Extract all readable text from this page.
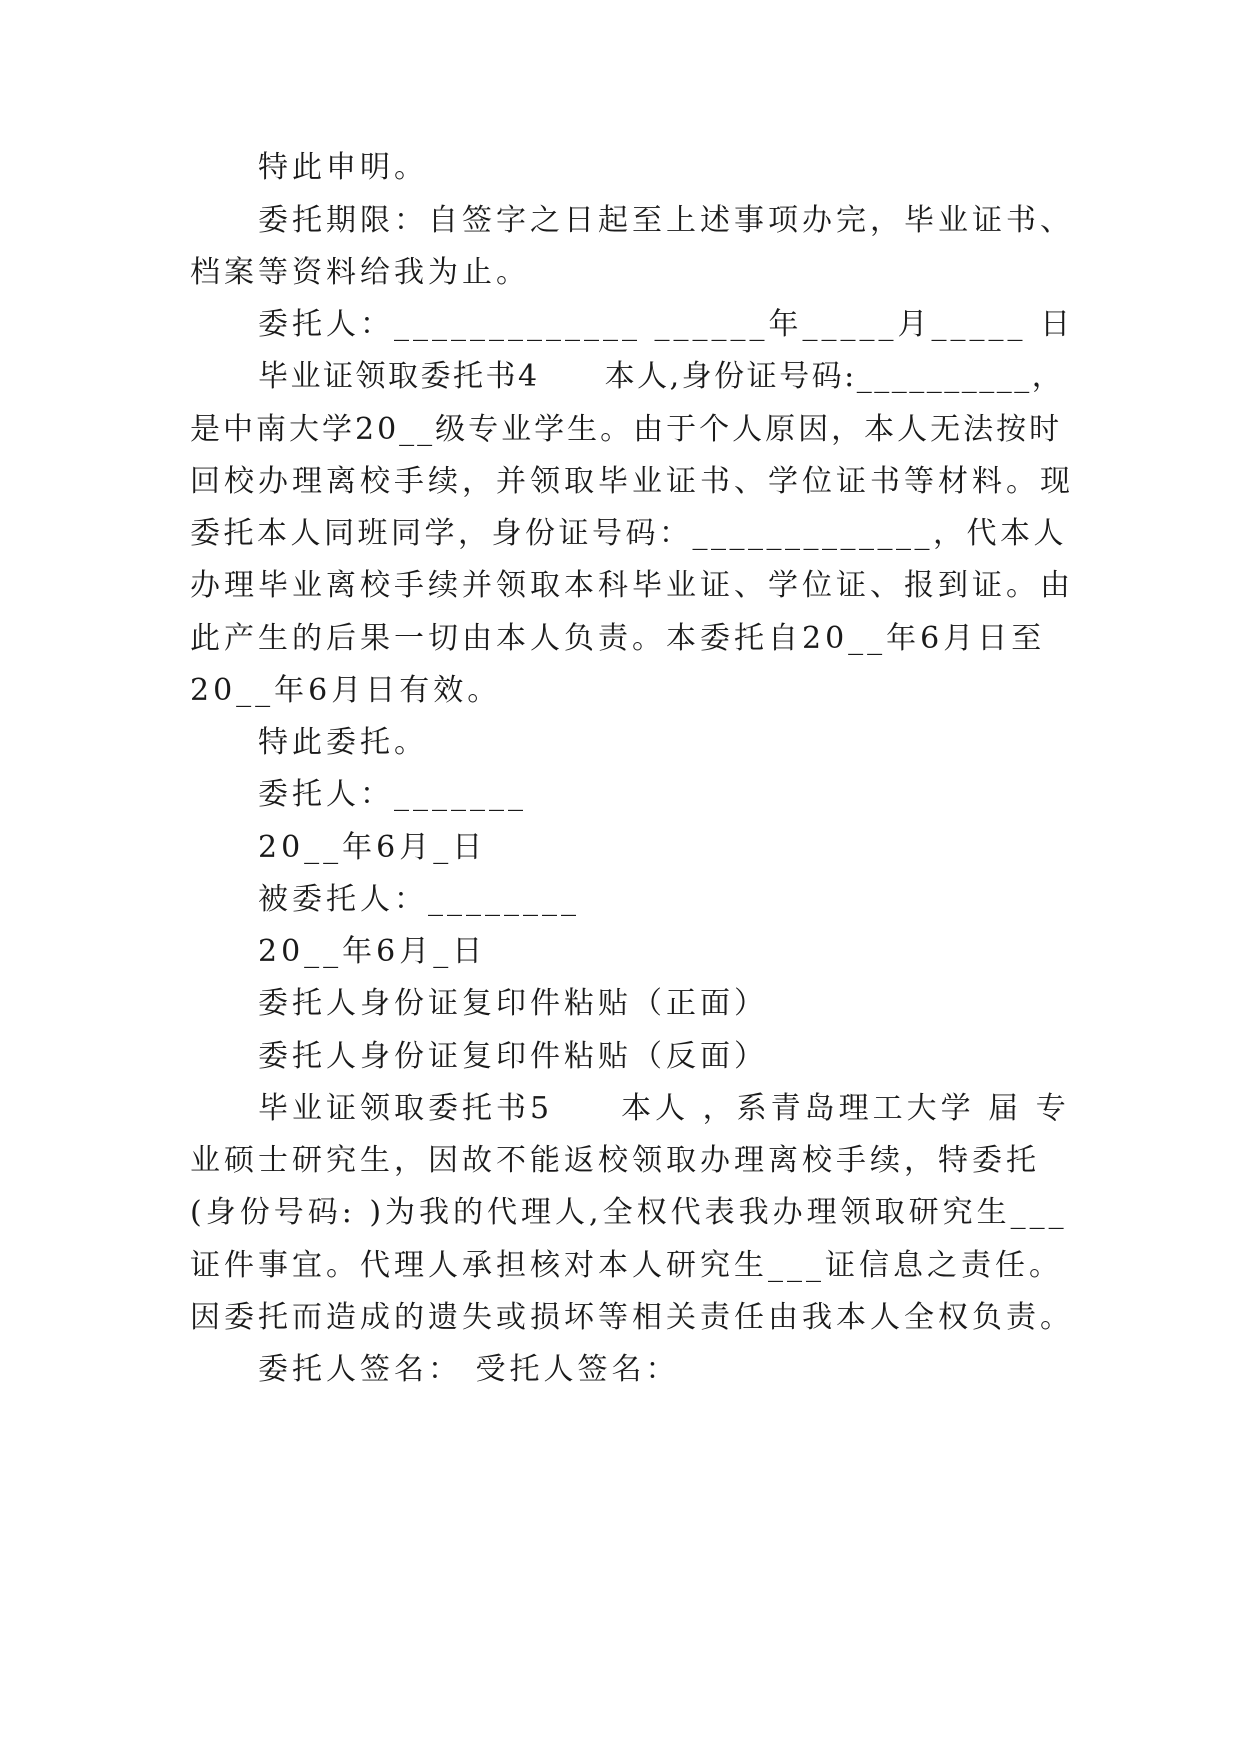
特此申明。
委托期限：自签字之日起至上述事项办完，毕业证书、
档案等资料给我为止。
委托人：_____________ ______年_____月_____ 日
毕业证领取委托书4　　本人,身份证号码:__________，
是中南大学20__级专业学生。由于个人原因，本人无法按时
回校办理离校手续，并领取毕业证书、学位证书等材料。现
委托本人同班同学，身份证号码：_____________，代本人
办理毕业离校手续并领取本科毕业证、学位证、报到证。由
此产生的后果一切由本人负责。本委托自20__年6月日至
20__年6月日有效。
特此委托。
委托人：_______
20__年6月_日
被委托人：________
20__年6月_日
委托人身份证复印件粘贴（正面）
委托人身份证复印件粘贴（反面）
毕业证领取委托书5　　本人 ，系青岛理工大学 届 专
业硕士研究生，因故不能返校领取办理离校手续，特委托
(身份号码: )为我的代理人,全权代表我办理领取研究生___
证件事宜。代理人承担核对本人研究生___证信息之责任。
因委托而造成的遗失或损坏等相关责任由我本人全权负责。
委托人签名： 受托人签名：
